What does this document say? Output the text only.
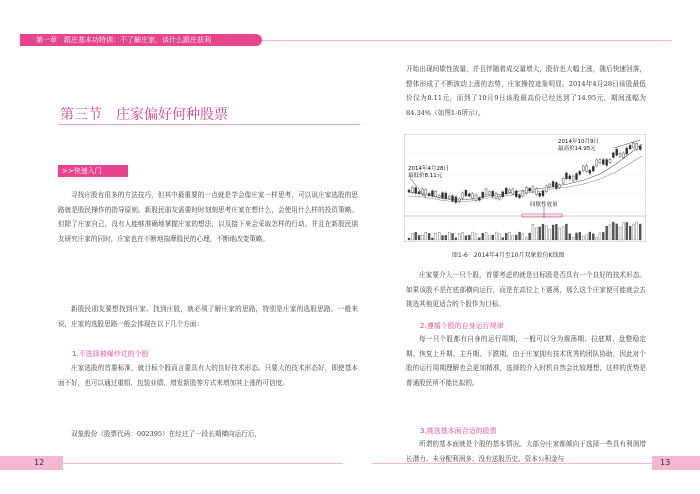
第一章　跟庄基本功特训：不了解庄家，谈什么跟庄获利
第三节　庄家偏好何种股票
>>快速入门
寻找庄股有很多的方法技巧，但其中最重要的一点就是学会像庄家一样思考，可以说庄家选股的思路就是股民操作的指导原则。新股民朋友需要时时刻刻思考庄家在想什么，会使用什么样的投资策略。但除了庄家自己，没有人能够准确地掌握庄家的想法，以及接下来会采取怎样的行动。并且在新股民朋友研究庄家的同时，庄家也在不断地揣摩股民的心理，不断地改变策略。
新股民朋友要想找到庄家、找到庄股，就必须了解庄家的思路，特别是庄家的选股思路。一般来说，庄家的选股思路一般会体现在以下几个方面：
1.不选择被爆炒过的个股
庄家选股的首要标准，就目标个股而言要具有大的良好技术形态。只要大的技术形态好，即使基本面不好，也可以通过重组、包装业绩、增发新股等方式来增加其上涨的可信度。
双象股份（股票代码：002395）在经过了一段长期横向运行后，
开始出现间歇性放量，并且伴随着成交量增大，股价也大幅上涨，随后快速回落，整体形成了不断波动上涨的态势，庄家操控迹象明显。2014年4月28日该股最低价仅为8.11元，而到了10月9日该股最高价已经达到了14.95元，期间涨幅为84.34%（如图1-6所示）。
2014年4月28日
最低价8.11元
2014年10月9日
最高价14.95元
间歇性放量
图1-6　2014年4月至10月双象股份K线图
庄家要介入一只个股，首要考虑的就是目标股是否具有一个良好的技术形态。如果该股不是在底部横向运行，而是在高位上下震荡，那么这个庄家便可能就会去挑选其他更适合的个股作为目标。
2.遵循个股的自身运行规律
每一只个股都有自身的运行周期，一般可以分为震荡期、拉底期、盘整稳定期、恢复上升期、主升期、下跌期。由于庄家拥有技术优秀的团队协助，因此对个股的运行周期理解也会更加精准，选择的介入时机自然会比较理想，这样的优势是普通股民所不能比拟的。
3.挑选基本面合适的股票
所谓的基本面就是个股的基本情况。大部分庄家都倾向于选择一些具有利润增长潜力、未分配利润多、没有送股历史、资本公积金与
12	13
